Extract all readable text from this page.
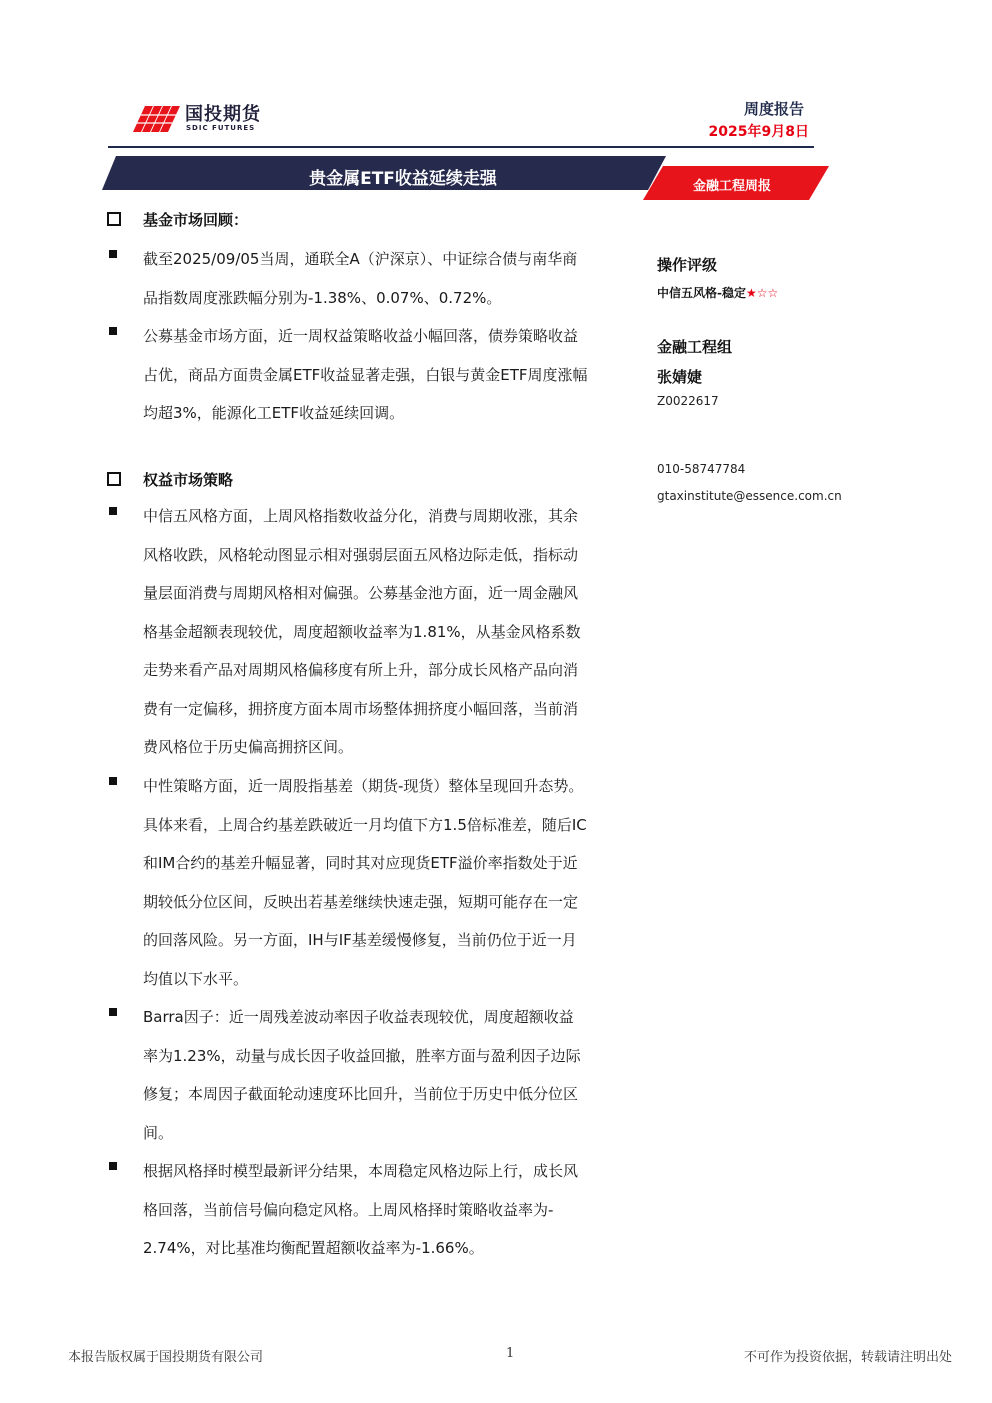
国投期货
SDIC FUTURES
周度报告
2025年9月8日
贵金属ETF收益延续走强	金融工程周报
基金市场回顾：
截至2025/09/05当周，通联全A（沪深京）、中证综合债与南华商
品指数周度涨跌幅分别为-1.38%、0.07%、0.72%。
公募基金市场方面，近一周权益策略收益小幅回落，债券策略收益
占优，商品方面贵金属ETF收益显著走强，白银与黄金ETF周度涨幅
均超3%，能源化工ETF收益延续回调。
权益市场策略
中信五风格方面，上周风格指数收益分化，消费与周期收涨，其余
风格收跌，风格轮动图显示相对强弱层面五风格边际走低，指标动
量层面消费与周期风格相对偏强。公募基金池方面，近一周金融风
格基金超额表现较优，周度超额收益率为1.81%，从基金风格系数
走势来看产品对周期风格偏移度有所上升，部分成长风格产品向消
费有一定偏移，拥挤度方面本周市场整体拥挤度小幅回落，当前消
费风格位于历史偏高拥挤区间。
中性策略方面，近一周股指基差（期货-现货）整体呈现回升态势。
具体来看，上周合约基差跌破近一月均值下方1.5倍标准差，随后IC
和IM合约的基差升幅显著，同时其对应现货ETF溢价率指数处于近
期较低分位区间，反映出若基差继续快速走强，短期可能存在一定
的回落风险。另一方面，IH与IF基差缓慢修复，当前仍位于近一月
均值以下水平。
Barra因子：近一周残差波动率因子收益表现较优，周度超额收益
率为1.23%，动量与成长因子收益回撤，胜率方面与盈利因子边际
修复；本周因子截面轮动速度环比回升，当前位于历史中低分位区
间。
根据风格择时模型最新评分结果，本周稳定风格边际上行，成长风
格回落，当前信号偏向稳定风格。上周风格择时策略收益率为-
2.74%，对比基准均衡配置超额收益率为-1.66%。
操作评级
中信五风格-稳定★☆☆
金融工程组
张婧婕
Z0022617
010-58747784
gtaxinstitute@essence.com.cn
本报告版权属于国投期货有限公司	1	不可作为投资依据，转载请注明出处
